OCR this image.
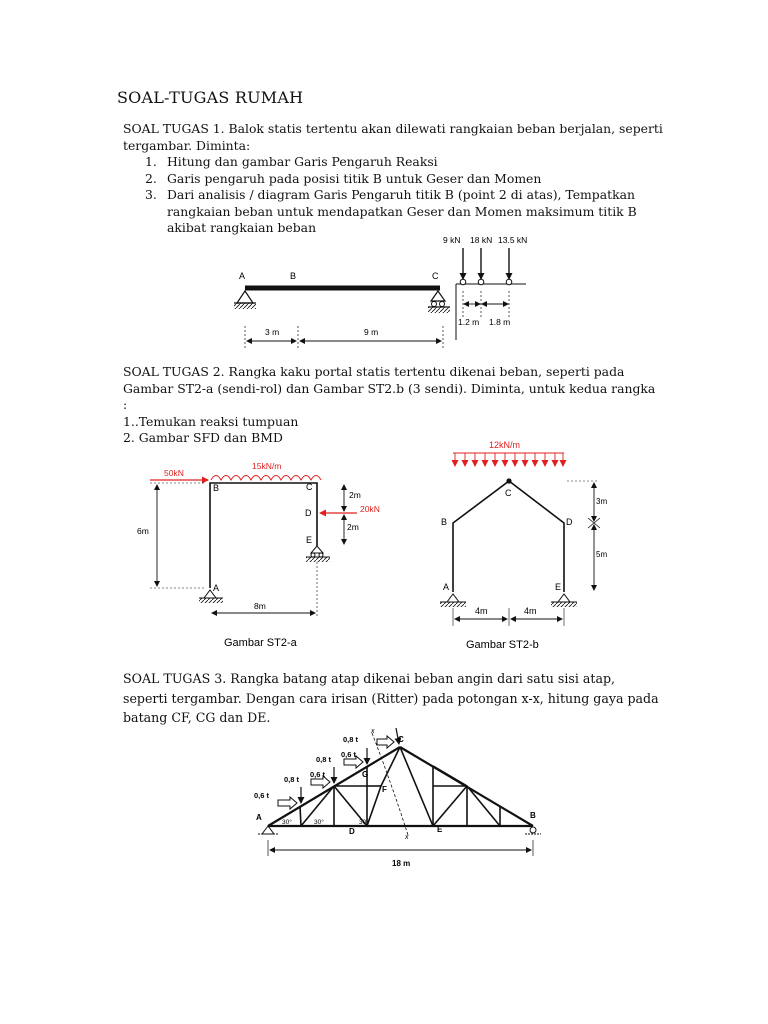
SOAL-TUGAS RUMAH

SOAL TUGAS 1. Balok statis tertentu akan dilewati rangkaian beban berjalan, seperti tergambar. Diminta:

1. Hitung dan gambar Garis Pengaruh Reaksi
2. Garis pengaruh pada posisi titik B untuk Geser dan Momen
3. Dari analisis / diagram Garis Pengaruh titik B (point 2 di atas), Tempatkan rangkaian beban untuk mendapatkan Geser dan Momen maksimum titik B akibat rangkaian beban

SOAL TUGAS 2. Rangka kaku portal statis tertentu dikenai beban, seperti pada Gambar ST2-a (sendi-rol) dan Gambar ST2.b (3 sendi). Diminta, untuk kedua rangka :

1..Temukan reaksi tumpuan

2. Gambar SFD dan BMD

SOAL TUGAS 3. Rangka batang atap dikenai beban angin dari satu sisi atap, seperti tergambar. Dengan cara irisan (Ritter) pada potongan x-x, hitung gaya pada batang CF, CG dan DE.

A	B	C
9 kN 18 kN 13.5 kN
1.2 m 1.8 m
3 m	9 m
15kN/m
50kN
20kN
B	C
D
E
A
6m
8m
2m
2m
Gambar ST2-a
12kN/m
C
B	D
A	E
3m
5m
4m	4m
Gambar ST2-b
x
x
0,8 t
0,8 t
0,8 t
0,6 t
0,6 t
0,6 t
A	B
C
D	E
F
G
30°	30°	30°
18 m
